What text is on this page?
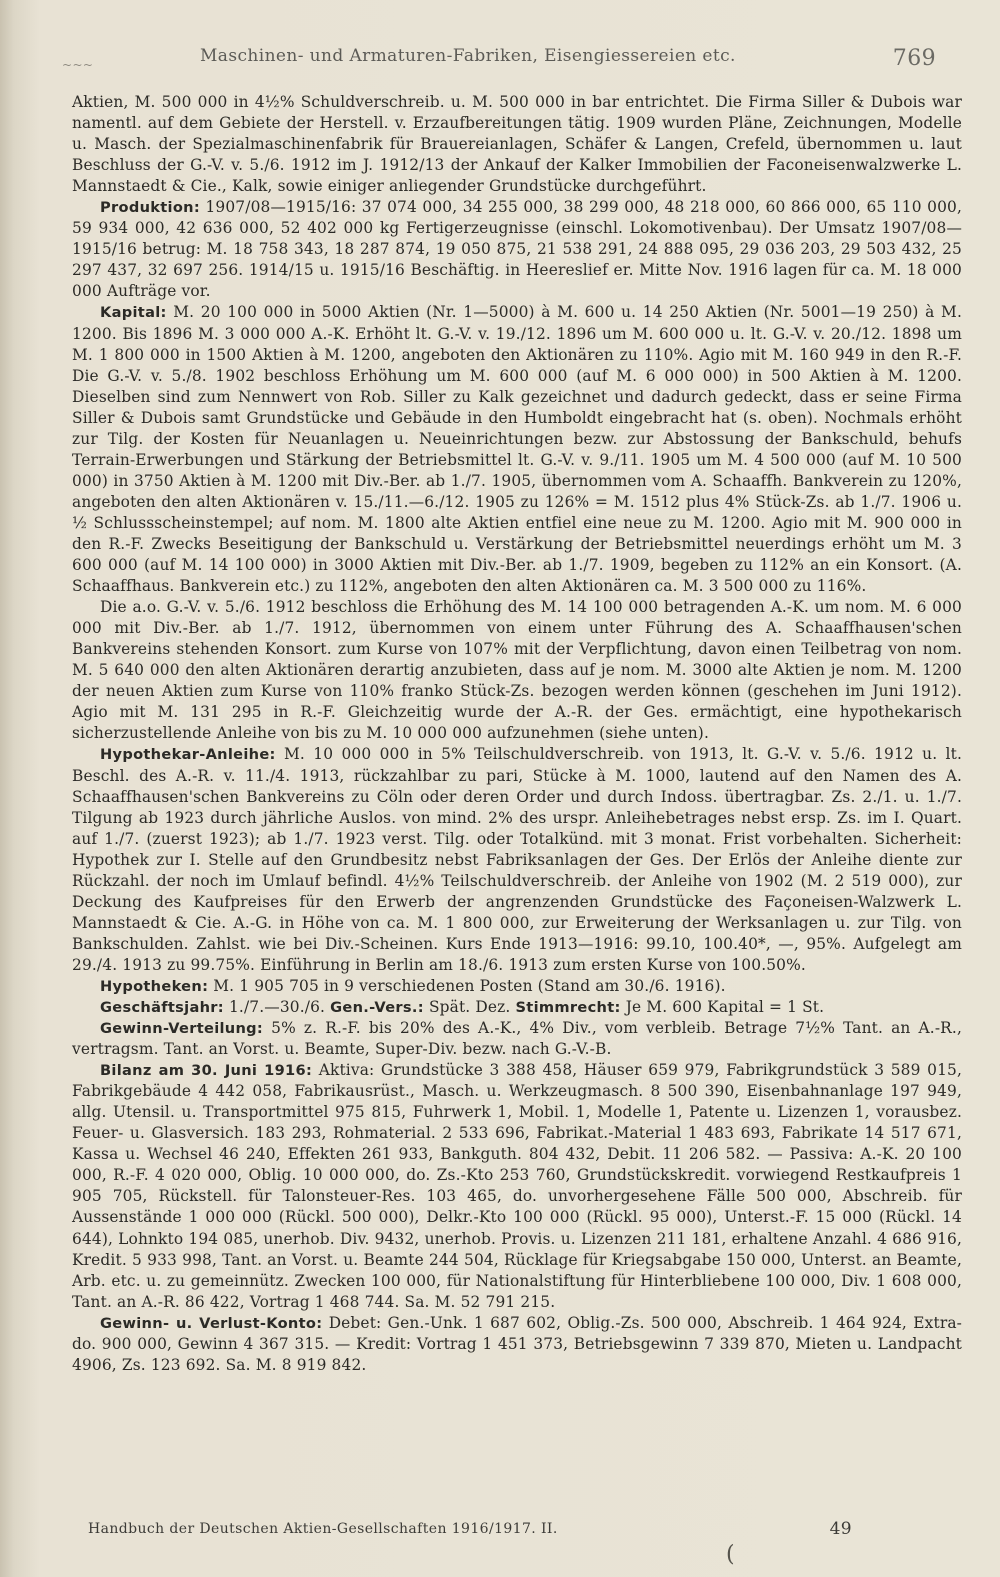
~~~	Maschinen- und Armaturen-Fabriken, Eisengiessereien etc.	769

Aktien, M. 500 000 in 4½% Schuldverschreib. u. M. 500 000 in bar entrichtet. Die Firma Siller & Dubois war namentl. auf dem Gebiete der Herstell. v. Erzaufbereitungen tätig. 1909 wurden Pläne, Zeichnungen, Modelle u. Masch. der Spezialmaschinenfabrik für Brauereianlagen, Schäfer & Langen, Crefeld, übernommen u. laut Beschluss der G.-V. v. 5./6. 1912 im J. 1912/13 der Ankauf der Kalker Immobilien der Faconeisenwalzwerke L. Mannstaedt & Cie., Kalk, sowie einiger anliegender Grundstücke durchgeführt.

Produktion: 1907/08—1915/16: 37 074 000, 34 255 000, 38 299 000, 48 218 000, 60 866 000, 65 110 000, 59 934 000, 42 636 000, 52 402 000 kg Fertigerzeugnisse (einschl. Lokomotivenbau). Der Umsatz 1907/08—1915/16 betrug: M. 18 758 343, 18 287 874, 19 050 875, 21 538 291, 24 888 095, 29 036 203, 29 503 432, 25 297 437, 32 697 256. 1914/15 u. 1915/16 Beschäftig. in Heereslief er. Mitte Nov. 1916 lagen für ca. M. 18 000 000 Aufträge vor.

Kapital: M. 20 100 000 in 5000 Aktien (Nr. 1—5000) à M. 600 u. 14 250 Aktien (Nr. 5001—19 250) à M. 1200. Bis 1896 M. 3 000 000 A.-K. Erhöht lt. G.-V. v. 19./12. 1896 um M. 600 000 u. lt. G.-V. v. 20./12. 1898 um M. 1 800 000 in 1500 Aktien à M. 1200, angeboten den Aktionären zu 110%. Agio mit M. 160 949 in den R.-F. Die G.-V. v. 5./8. 1902 beschloss Erhöhung um M. 600 000 (auf M. 6 000 000) in 500 Aktien à M. 1200. Dieselben sind zum Nennwert von Rob. Siller zu Kalk gezeichnet und dadurch gedeckt, dass er seine Firma Siller & Dubois samt Grundstücke und Gebäude in den Humboldt eingebracht hat (s. oben). Nochmals erhöht zur Tilg. der Kosten für Neuanlagen u. Neueinrichtungen bezw. zur Abstossung der Bankschuld, behufs Terrain-Erwerbungen und Stärkung der Betriebsmittel lt. G.-V. v. 9./11. 1905 um M. 4 500 000 (auf M. 10 500 000) in 3750 Aktien à M. 1200 mit Div.-Ber. ab 1./7. 1905, übernommen vom A. Schaaffh. Bankverein zu 120%, angeboten den alten Aktionären v. 15./11.—6./12. 1905 zu 126% = M. 1512 plus 4% Stück-Zs. ab 1./7. 1906 u. ½ Schlussscheinstempel; auf nom. M. 1800 alte Aktien entfiel eine neue zu M. 1200. Agio mit M. 900 000 in den R.-F. Zwecks Beseitigung der Bankschuld u. Verstärkung der Betriebsmittel neuerdings erhöht um M. 3 600 000 (auf M. 14 100 000) in 3000 Aktien mit Div.-Ber. ab 1./7. 1909, begeben zu 112% an ein Konsort. (A. Schaaffhaus. Bankverein etc.) zu 112%, angeboten den alten Aktionären ca. M. 3 500 000 zu 116%.

Die a.o. G.-V. v. 5./6. 1912 beschloss die Erhöhung des M. 14 100 000 betragenden A.-K. um nom. M. 6 000 000 mit Div.-Ber. ab 1./7. 1912, übernommen von einem unter Führung des A. Schaaffhausen'schen Bankvereins stehenden Konsort. zum Kurse von 107% mit der Verpflichtung, davon einen Teilbetrag von nom. M. 5 640 000 den alten Aktionären derartig anzubieten, dass auf je nom. M. 3000 alte Aktien je nom. M. 1200 der neuen Aktien zum Kurse von 110% franko Stück-Zs. bezogen werden können (geschehen im Juni 1912). Agio mit M. 131 295 in R.-F. Gleichzeitig wurde der A.-R. der Ges. ermächtigt, eine hypothekarisch sicherzustellende Anleihe von bis zu M. 10 000 000 aufzunehmen (siehe unten).

Hypothekar-Anleihe: M. 10 000 000 in 5% Teilschuldverschreib. von 1913, lt. G.-V. v. 5./6. 1912 u. lt. Beschl. des A.-R. v. 11./4. 1913, rückzahlbar zu pari, Stücke à M. 1000, lautend auf den Namen des A. Schaaffhausen'schen Bankvereins zu Cöln oder deren Order und durch Indoss. übertragbar. Zs. 2./1. u. 1./7. Tilgung ab 1923 durch jährliche Auslos. von mind. 2% des urspr. Anleihebetrages nebst ersp. Zs. im I. Quart. auf 1./7. (zuerst 1923); ab 1./7. 1923 verst. Tilg. oder Totalkünd. mit 3 monat. Frist vorbehalten. Sicherheit: Hypothek zur I. Stelle auf den Grundbesitz nebst Fabriksanlagen der Ges. Der Erlös der Anleihe diente zur Rückzahl. der noch im Umlauf befindl. 4½% Teilschuldverschreib. der Anleihe von 1902 (M. 2 519 000), zur Deckung des Kaufpreises für den Erwerb der angrenzenden Grundstücke des Façoneisen-Walzwerk L. Mannstaedt & Cie. A.-G. in Höhe von ca. M. 1 800 000, zur Erweiterung der Werksanlagen u. zur Tilg. von Bankschulden. Zahlst. wie bei Div.-Scheinen. Kurs Ende 1913—1916: 99.10, 100.40*, —, 95%. Aufgelegt am 29./4. 1913 zu 99.75%. Einführung in Berlin am 18./6. 1913 zum ersten Kurse von 100.50%.

Hypotheken: M. 1 905 705 in 9 verschiedenen Posten (Stand am 30./6. 1916).

Geschäftsjahr: 1./7.—30./6. Gen.-Vers.: Spät. Dez. Stimmrecht: Je M. 600 Kapital = 1 St.

Gewinn-Verteilung: 5% z. R.-F. bis 20% des A.-K., 4% Div., vom verbleib. Betrage 7½% Tant. an A.-R., vertragsm. Tant. an Vorst. u. Beamte, Super-Div. bezw. nach G.-V.-B.

Bilanz am 30. Juni 1916: Aktiva: Grundstücke 3 388 458, Häuser 659 979, Fabrikgrundstück 3 589 015, Fabrikgebäude 4 442 058, Fabrikausrüst., Masch. u. Werkzeugmasch. 8 500 390, Eisenbahnanlage 197 949, allg. Utensil. u. Transportmittel 975 815, Fuhrwerk 1, Mobil. 1, Modelle 1, Patente u. Lizenzen 1, vorausbez. Feuer- u. Glasversich. 183 293, Rohmaterial. 2 533 696, Fabrikat.-Material 1 483 693, Fabrikate 14 517 671, Kassa u. Wechsel 46 240, Effekten 261 933, Bankguth. 804 432, Debit. 11 206 582. — Passiva: A.-K. 20 100 000, R.-F. 4 020 000, Oblig. 10 000 000, do. Zs.-Kto 253 760, Grundstückskredit. vorwiegend Restkaufpreis 1 905 705, Rückstell. für Talonsteuer-Res. 103 465, do. unvorhergesehene Fälle 500 000, Abschreib. für Aussenstände 1 000 000 (Rückl. 500 000), Delkr.-Kto 100 000 (Rückl. 95 000), Unterst.-F. 15 000 (Rückl. 14 644), Lohnkto 194 085, unerhob. Div. 9432, unerhob. Provis. u. Lizenzen 211 181, erhaltene Anzahl. 4 686 916, Kredit. 5 933 998, Tant. an Vorst. u. Beamte 244 504, Rücklage für Kriegsabgabe 150 000, Unterst. an Beamte, Arb. etc. u. zu gemeinnütz. Zwecken 100 000, für Nationalstiftung für Hinterbliebene 100 000, Div. 1 608 000, Tant. an A.-R. 86 422, Vortrag 1 468 744. Sa. M. 52 791 215.

Gewinn- u. Verlust-Konto: Debet: Gen.-Unk. 1 687 602, Oblig.-Zs. 500 000, Abschreib. 1 464 924, Extra- do. 900 000, Gewinn 4 367 315. — Kredit: Vortrag 1 451 373, Betriebsgewinn 7 339 870, Mieten u. Landpacht 4906, Zs. 123 692. Sa. M. 8 919 842.

Handbuch der Deutschen Aktien-Gesellschaften 1916/1917. II.	49
(
